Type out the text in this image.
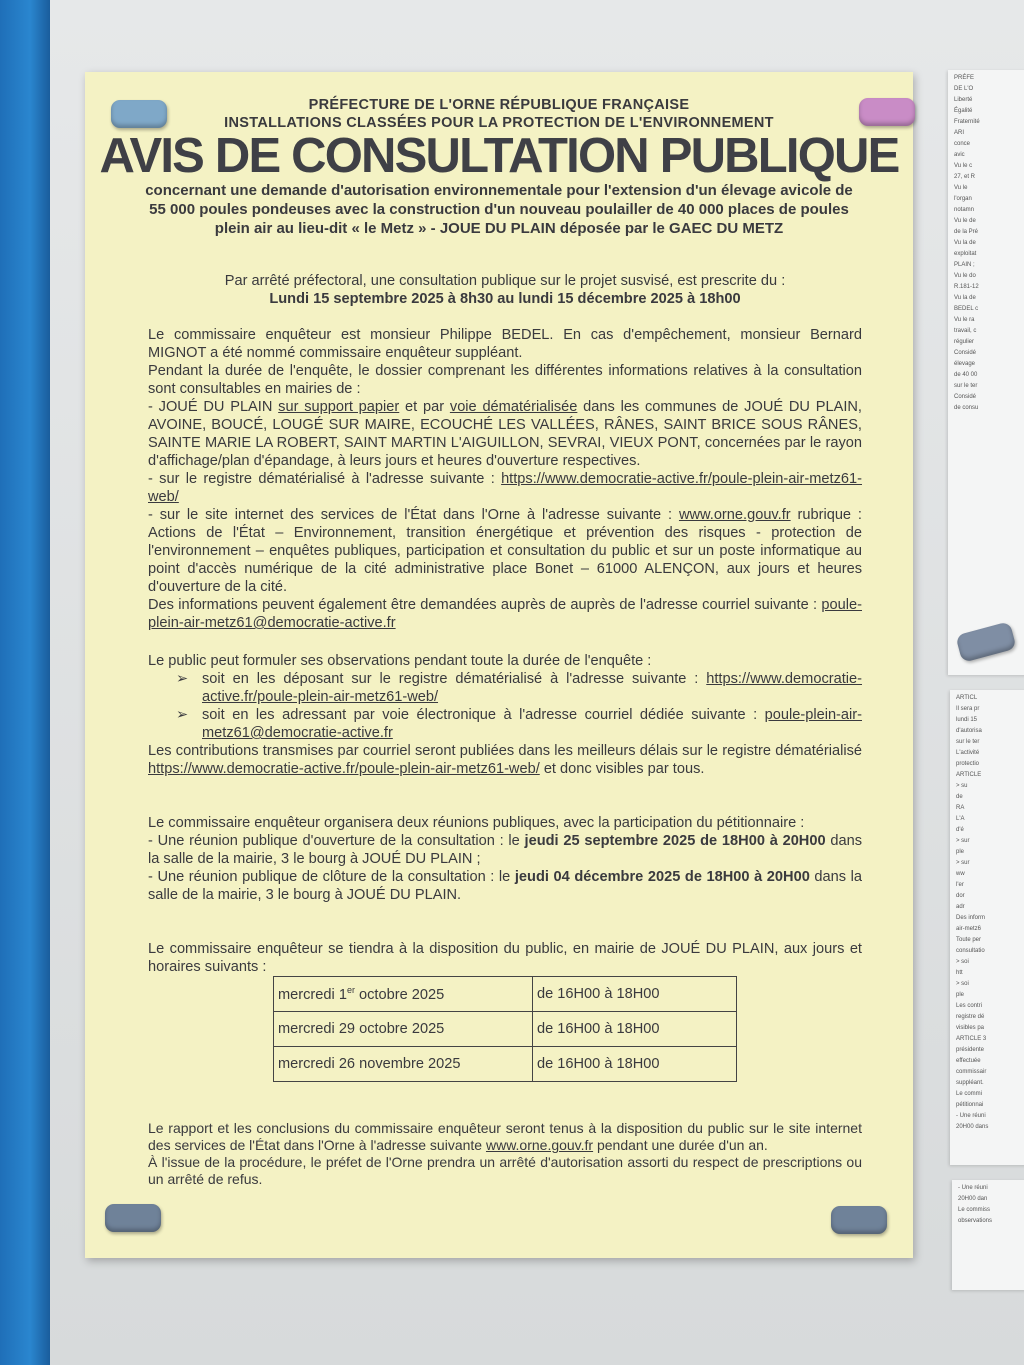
PRÉFE
DE L'O
Liberté
Égalité
Fraternité
ARI
conce
avic
Vu le c
27, et R
Vu le
l'organ
notamn
Vu le de
de la Pré
Vu la de
exploitat
PLAIN ;
Vu le do
R.181-12
Vu la de
BEDEL c
Vu le ra
travail, c
régulier
Considé
élevage
de 40 00
sur le ter
Considé
de consu
ARTICL
Il sera pr
lundi 15
d'autorisa
sur le ter
L'activité
protectio
ARTICLE
> su
de
RA
L'A
d'é
> sur
ple
> sur
ww
l'er
dor
adr
Des inform
air-metz6
Toute per
consultatio
> soi
htt
> soi
ple
Les contri
registre dé
visibles pa
ARTICLE 3
présidente
effectuée
commissair
suppléant.
Le commi
pétitionnai
- Une réuni
20H00 dans
- Une réuni
20H00 dan
Le commiss
observations
PRÉFECTURE DE L'ORNE RÉPUBLIQUE FRANÇAISE
INSTALLATIONS CLASSÉES POUR LA PROTECTION DE L'ENVIRONNEMENT
AVIS DE CONSULTATION PUBLIQUE
concernant une demande d'autorisation environnementale pour l'extension d'un élevage avicole de 55 000 poules pondeuses avec la construction d'un nouveau poulailler de 40 000 places de poules plein air au lieu-dit « le Metz » - JOUE DU PLAIN déposée par le GAEC DU METZ

Par arrêté préfectoral, une consultation publique sur le projet susvisé, est prescrite du :

Lundi 15 septembre 2025 à 8h30 au lundi 15 décembre 2025 à 18h00

Le commissaire enquêteur est monsieur Philippe BEDEL. En cas d'empêchement, monsieur Bernard MIGNOT a été nommé commissaire enquêteur suppléant.

Pendant la durée de l'enquête, le dossier comprenant les différentes informations relatives à la consultation sont consultables en mairies de :

- JOUÉ DU PLAIN sur support papier et par voie dématérialisée dans les communes de JOUÉ DU PLAIN, AVOINE, BOUCÉ, LOUGÉ SUR MAIRE, ECOUCHÉ LES VALLÉES, RÂNES, SAINT BRICE SOUS RÂNES, SAINTE MARIE LA ROBERT, SAINT MARTIN L'AIGUILLON, SEVRAI, VIEUX PONT, concernées par le rayon d'affichage/plan d'épandage, à leurs jours et heures d'ouverture respectives.

- sur le registre dématérialisé à l'adresse suivante : https://www.democratie-active.fr/poule-plein-air-metz61-web/

- sur le site internet des services de l'État dans l'Orne à l'adresse suivante : www.orne.gouv.fr rubrique : Actions de l'État – Environnement, transition énergétique et prévention des risques - protection de l'environnement – enquêtes publiques, participation et consultation du public et sur un poste informatique au point d'accès numérique de la cité administrative place Bonet – 61000 ALENÇON, aux jours et heures d'ouverture de la cité.

Des informations peuvent également être demandées auprès de auprès de l'adresse courriel suivante : poule-plein-air-metz61@democratie-active.fr

Le public peut formuler ses observations pendant toute la durée de l'enquête :

➢ soit en les déposant sur le registre dématérialisé à l'adresse suivante : https://www.democratie-active.fr/poule-plein-air-metz61-web/

➢ soit en les adressant par voie électronique à l'adresse courriel dédiée suivante : poule-plein-air-metz61@democratie-active.fr

Les contributions transmises par courriel seront publiées dans les meilleurs délais sur le registre dématérialisé https://www.democratie-active.fr/poule-plein-air-metz61-web/ et donc visibles par tous.

Le commissaire enquêteur organisera deux réunions publiques, avec la participation du pétitionnaire :

- Une réunion publique d'ouverture de la consultation : le jeudi 25 septembre 2025 de 18H00 à 20H00 dans la salle de la mairie, 3 le bourg à JOUÉ DU PLAIN ;

- Une réunion publique de clôture de la consultation : le jeudi 04 décembre 2025 de 18H00 à 20H00 dans la salle de la mairie, 3 le bourg à JOUÉ DU PLAIN.

Le commissaire enquêteur se tiendra à la disposition du public, en mairie de JOUÉ DU PLAIN, aux jours et horaires suivants :

mercredi 1er octobre 2025	de 16H00 à 18H00
mercredi 29 octobre 2025	de 16H00 à 18H00
mercredi 26 novembre 2025	de 16H00 à 18H00

Le rapport et les conclusions du commissaire enquêteur seront tenus à la disposition du public sur le site internet des services de l'État dans l'Orne à l'adresse suivante www.orne.gouv.fr pendant une durée d'un an.

À l'issue de la procédure, le préfet de l'Orne prendra un arrêté d'autorisation assorti du respect de prescriptions ou un arrêté de refus.
